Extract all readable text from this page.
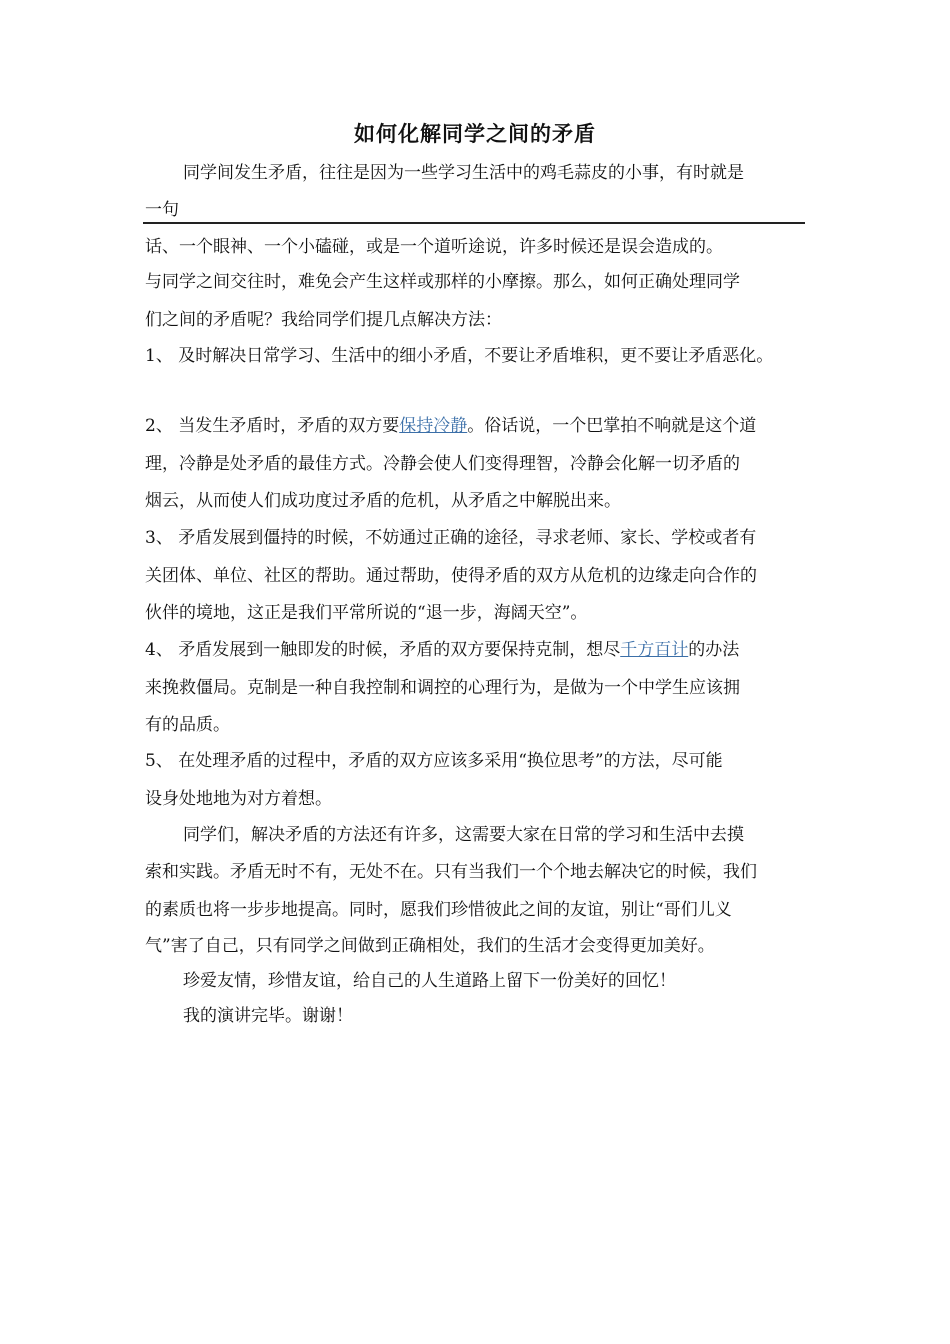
如何化解同学之间的矛盾
同学间发生矛盾，往往是因为一些学习生活中的鸡毛蒜皮的小事，有时就是
一句
话、一个眼神、一个小磕碰，或是一个道听途说，许多时候还是误会造成的。
与同学之间交往时，难免会产生这样或那样的小摩擦。那么，如何正确处理同学
们之间的矛盾呢？我给同学们提几点解决方法：
1、 及时解决日常学习、生活中的细小矛盾，不要让矛盾堆积，更不要让矛盾恶化。
2、 当发生矛盾时，矛盾的双方要保持冷静。俗话说，一个巴掌拍不响就是这个道
理，冷静是处矛盾的最佳方式。冷静会使人们变得理智，冷静会化解一切矛盾的
烟云，从而使人们成功度过矛盾的危机，从矛盾之中解脱出来。
3、 矛盾发展到僵持的时候，不妨通过正确的途径，寻求老师、家长、学校或者有
关团体、单位、社区的帮助。通过帮助，使得矛盾的双方从危机的边缘走向合作的
伙伴的境地，这正是我们平常所说的“退一步，海阔天空”。
4、 矛盾发展到一触即发的时候，矛盾的双方要保持克制，想尽千方百计的办法
来挽救僵局。克制是一种自我控制和调控的心理行为，是做为一个中学生应该拥
有的品质。
5、 在处理矛盾的过程中，矛盾的双方应该多采用“换位思考”的方法，尽可能
设身处地地为对方着想。
同学们，解决矛盾的方法还有许多，这需要大家在日常的学习和生活中去摸
索和实践。矛盾无时不有，无处不在。只有当我们一个个地去解决它的时候，我们
的素质也将一步步地提高。同时，愿我们珍惜彼此之间的友谊，别让“哥们儿义
气”害了自己，只有同学之间做到正确相处，我们的生活才会变得更加美好。
珍爱友情，珍惜友谊，给自己的人生道路上留下一份美好的回忆！
我的演讲完毕。谢谢！
